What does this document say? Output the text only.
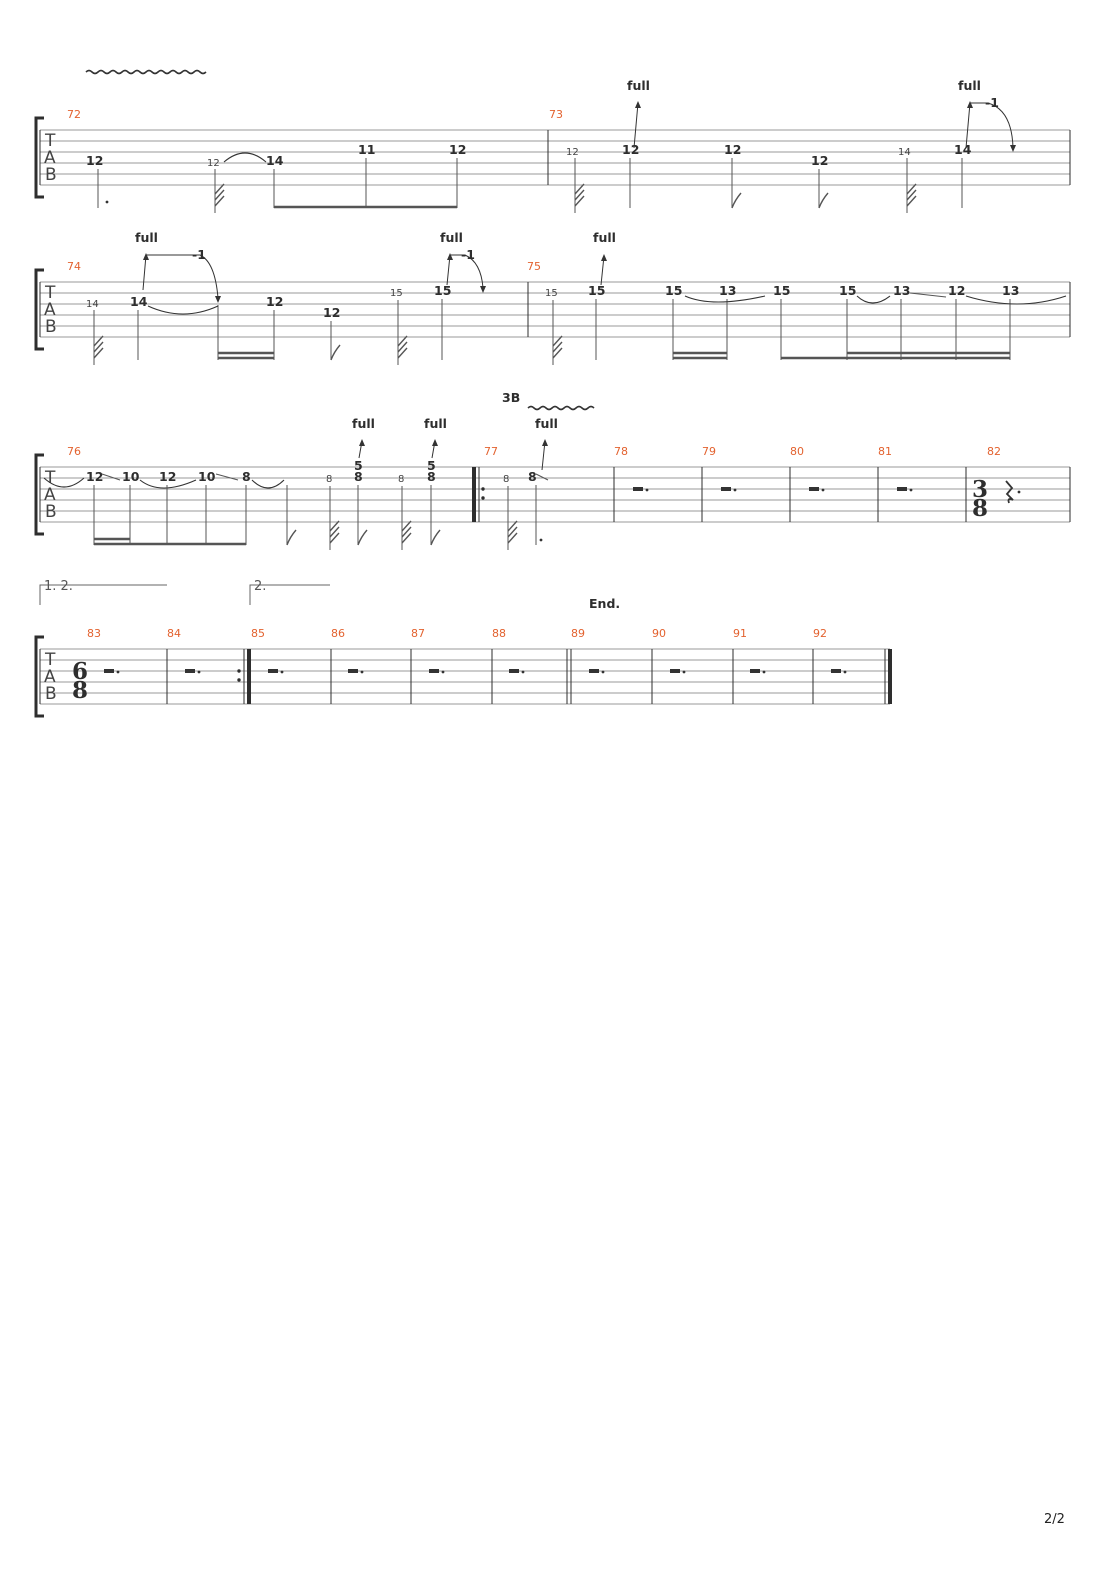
T
A
B
72	73
12	12	14
11	12	12	12	12
12
14	14
full	full
-1
T
A
B
74	75
14	14	12
12
15	15	15 15	15	13	15	15	13	12	13
full
-1
full
-1
full
3B
T
A
B
76	77	78	79	80	81	82
12 10 12 10 8	8
5
8	8
5
8	8 8
full	full	full
3
8
1. 2.	2.
End.
T
A
B
6
8
83	84	85	86	87	88	89	90	91	92
2/2
